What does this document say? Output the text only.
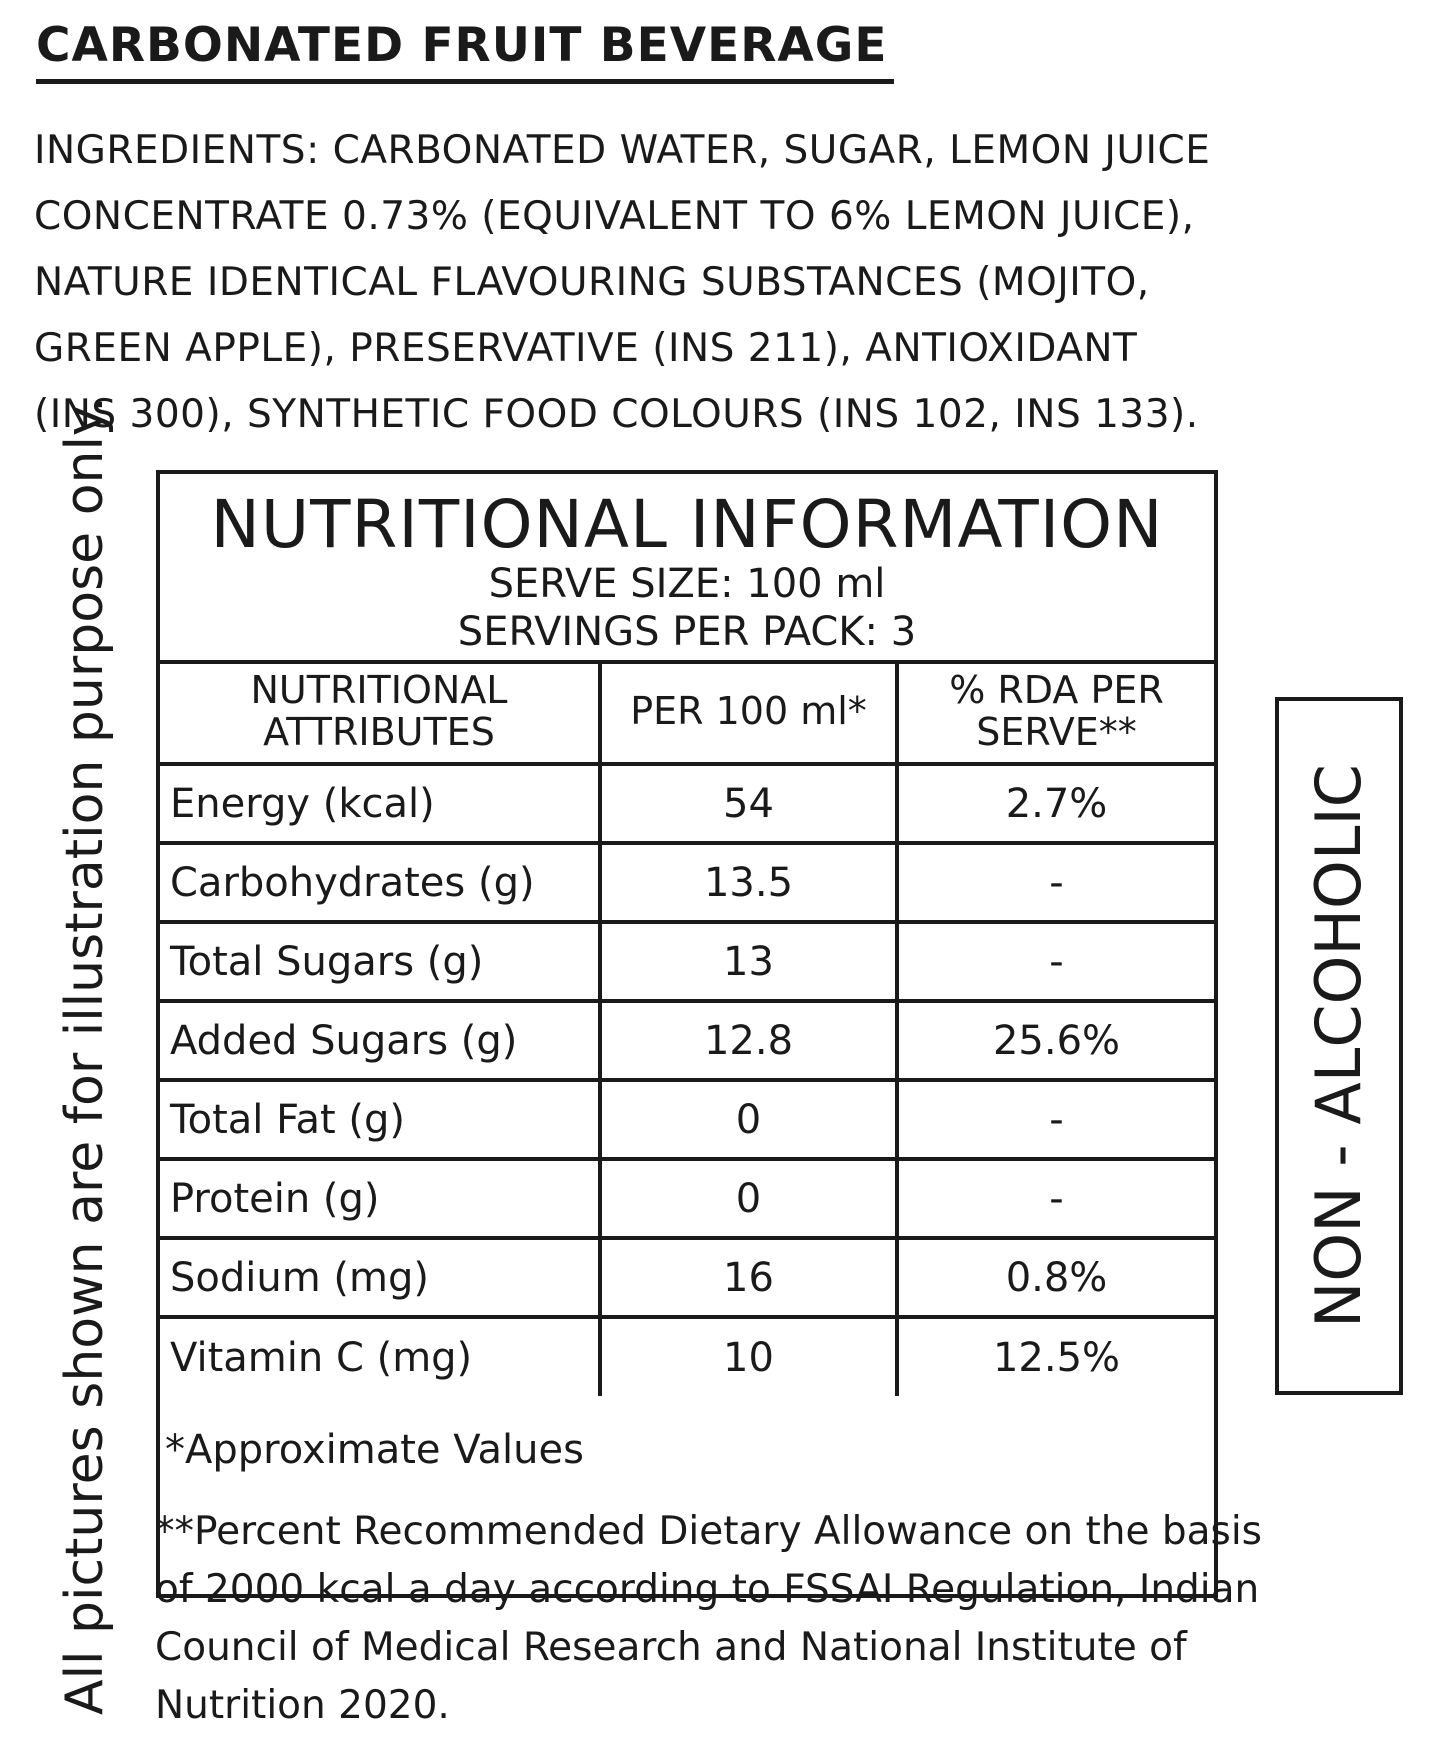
CARBONATED FRUIT BEVERAGE
INGREDIENTS: CARBONATED WATER, SUGAR, LEMON JUICE
CONCENTRATE 0.73% (EQUIVALENT TO 6% LEMON JUICE),
NATURE IDENTICAL FLAVOURING SUBSTANCES (MOJITO,
GREEN APPLE), PRESERVATIVE (INS 211), ANTIOXIDANT
(INS 300), SYNTHETIC FOOD COLOURS (INS 102, INS 133).
All pictures shown are for illustration purpose only.	NUTRITIONAL INFORMATION
SERVE SIZE: 100 ml
SERVINGS PER PACK: 3
NUTRITIONAL ATTRIBUTES	PER 100 ml*	% RDA PER SERVE**

Energy (kcal)	54	2.7%
Carbohydrates (g)	13.5	-
Total Sugars (g)	13	-
Added Sugars (g)	12.8	25.6%
Total Fat (g)	0	-
Protein (g)	0	-
Sodium (mg)	16	0.8%
Vitamin C (mg)	10	12.5%
NON - ALCOHOLIC
*Approximate Values
**Percent Recommended Dietary Allowance on the basis
of 2000 kcal a day according to FSSAI Regulation, Indian
Council of Medical Research and National Institute of
Nutrition 2020.
